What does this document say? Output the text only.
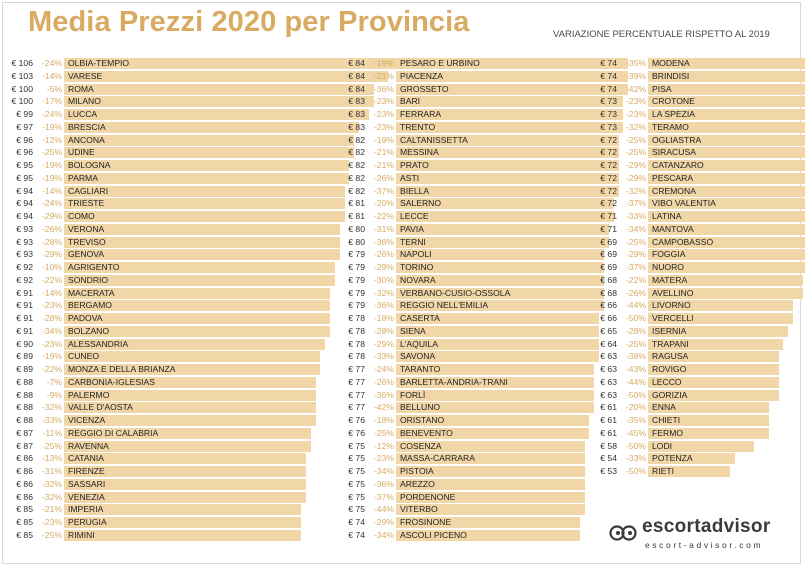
Media Prezzi 2020 per Provincia	VARIAZIONE PERCENTUALE RISPETTO AL 2019
€ 106	-24% OLBIA-TEMPIO
€ 103	-14% VARESE
€ 100	-5% ROMA
€ 100	-17% MILANO
€ 99	-24% LUCCA
€ 97	-19% BRESCIA
€ 96	-12% ANCONA
€ 96	-25% UDINE
€ 95	-19% BOLOGNA
€ 95	-19% PARMA
€ 94	-14% CAGLIARI
€ 94	-24% TRIESTE
€ 94	-29% COMO
€ 93	-26% VERONA
€ 93	-28% TREVISO
€ 93	-29% GENOVA
€ 92	-10% AGRIGENTO
€ 92	-22% SONDRIO
€ 91	-14% MACERATA
€ 91	-23% BERGAMO
€ 91	-28% PADOVA
€ 91	-34% BOLZANO
€ 90	-23% ALESSANDRIA
€ 89	-19% CUNEO
€ 89	-22% MONZA E DELLA BRIANZA
€ 88	-7% CARBONIA-IGLESIAS
€ 88	-9% PALERMO
€ 88	-32% VALLE D'AOSTA
€ 88	-33% VICENZA
€ 87	-11% REGGIO DI CALABRIA
€ 87	-25% RAVENNA
€ 86	-13% CATANIA
€ 86	-31% FIRENZE
€ 86	-32% SASSARI
€ 86	-32% VENEZIA
€ 85	-21% IMPERIA
€ 85	-23% PERUGIA
€ 85	-25% RIMINI
€ 84	-19% PESARO E URBINO
€ 84	-21% PIACENZA
€ 84	-36% GROSSETO
€ 83	-23% BARI
€ 83	-23% FERRARA
€ 83	-23% TRENTO
€ 82	-19% CALTANISSETTA
€ 82	-21% MESSINA
€ 82	-21% PRATO
€ 82	-26% ASTI
€ 82	-37% BIELLA
€ 81	-20% SALERNO
€ 81	-22% LECCE
€ 80	-31% PAVIA
€ 80	-38% TERNI
€ 79	-26% NAPOLI
€ 79	-29% TORINO
€ 79	-30% NOVARA
€ 79	-32% VERBANO-CUSIO-OSSOLA
€ 79	-36% REGGIO NELL'EMILIA
€ 78	-18% CASERTA
€ 78	-28% SIENA
€ 78	-29% L'AQUILA
€ 78	-33% SAVONA
€ 77	-24% TARANTO
€ 77	-26% BARLETTA-ANDRIA-TRANI
€ 77	-36% FORLÌ
€ 77	-42% BELLUNO
€ 76	-18% ORISTANO
€ 76	-25% BENEVENTO
€ 75	-12% COSENZA
€ 75	-23% MASSA-CARRARA
€ 75	-34% PISTOIA
€ 75	-36% AREZZO
€ 75	-37% PORDENONE
€ 75	-44% VITERBO
€ 74	-29% FROSINONE
€ 74	-34% ASCOLI PICENO
€ 74	-35% MODENA
€ 74	-39% BRINDISI
€ 74	-42% PISA
€ 73	-23% CROTONE
€ 73	-23% LA SPEZIA
€ 73	-32% TERAMO
€ 72	-25% OGLIASTRA
€ 72	-25% SIRACUSA
€ 72	-29% CATANZARO
€ 72	-29% PESCARA
€ 72	-32% CREMONA
€ 72	-37% VIBO VALENTIA
€ 71	-33% LATINA
€ 71	-34% MANTOVA
€ 69	-25% CAMPOBASSO
€ 69	-29% FOGGIA
€ 69	-37% NUORO
€ 68	-22% MATERA
€ 68	-26% AVELLINO
€ 66	-44% LIVORNO
€ 66	-50% VERCELLI
€ 65	-28% ISERNIA
€ 64	-25% TRAPANI
€ 63	-38% RAGUSA
€ 63	-43% ROVIGO
€ 63	-44% LECCO
€ 63	-50% GORIZIA
€ 61	-20% ENNA
€ 61	-35% CHIETI
€ 61	-45% FERMO
€ 58	-50% LODI
€ 54	-33% POTENZA
€ 53	-50% RIETI
escortadvisor
escort-advisor.com
